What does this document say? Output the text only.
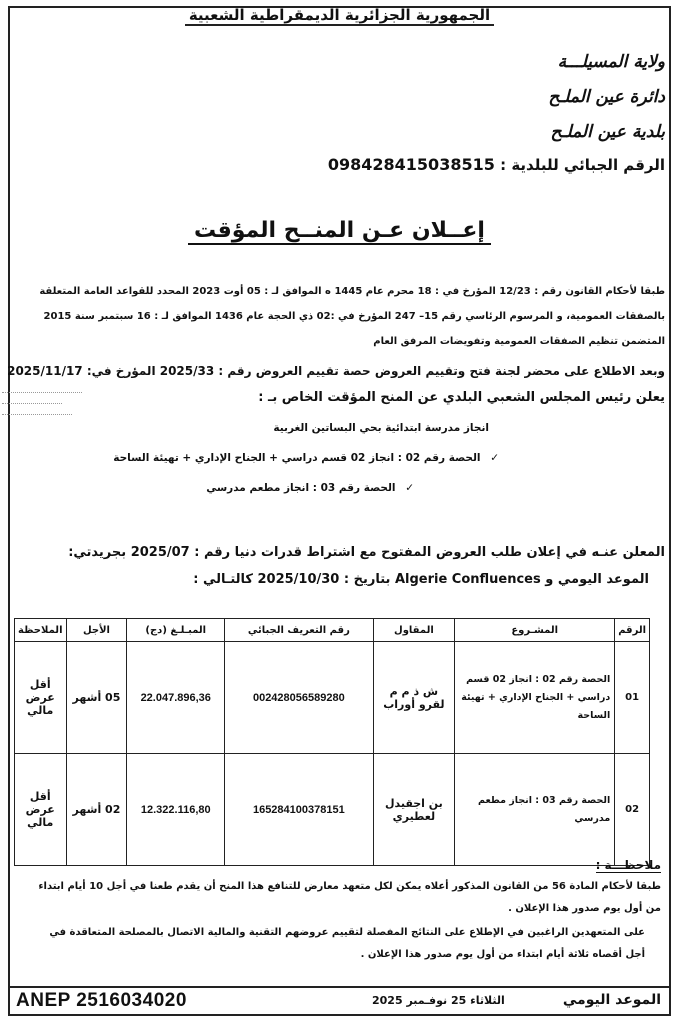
الجمهورية الجزائرية الديمقراطية الشعبية
ولاية المسيلـــة
دائرة عين الملـح
بلدية عين الملـح
الرقم الجبائي للبلدية : 098428415038515
إعــلان عـن المنــح المؤقت
طبقا لأحكام القانون رقم : 12/23 المؤرخ في : 18 محرم عام 1445 ه الموافق لـ : 05 أوت 2023 المحدد للقواعد العامة المتعلقة بالصفقات العمومية، و المرسوم الرئاسي رقم 15– 247 المؤرخ في :02 ذي الحجة عام 1436 الموافق لـ : 16 سبتمبر سنة 2015 المتضمن تنظيم الصفقات العمومية وتفويضات المرفق العام
وبعد الاطلاع على محضر لجنة فتح وتقييم العروض حصة تقييم العروض رقم : 2025/33 المؤرخ في: 2025/11/17
يعلن رئيس المجلس الشعبي البلدي عن المنح المؤقت الخاص بـ :
انجاز مدرسة ابتدائية بحي البساتين الغربية
✓ الحصة رقم 02 : انجاز 02 قسم دراسي + الجناح الإداري + تهيئة الساحة
✓ الحصة رقم 03 : انجاز مطعم مدرسي
المعلن عنـه في إعلان طلب العروض المفتوح مع اشتراط قدرات دنيا رقم : 2025/07 بجريدتي:
الموعد اليومي و Algerie Confluences بتاريخ : 2025/10/30 كالتـالي :
الرقم	المشـروع	المقاول	رقم التعريف الجبائي	المبـلـغ (دج)	الأجل	الملاحظة
01	الحصة رقم 02 : انجاز 02 قسم دراسي + الجناح الإداري + تهيئة الساحة	ش ذ م م لقرو أوراب	002428056589280	22.047.896,36	05 أشهر	أقل عرض مالي
02	الحصة رقم 03 : انجاز مطعم مدرسي	بن اجقيدل لعطيري	165284100378151	12.322.116,80	02 أشهر	أقل عرض مالي
ملاحظـــة :
طبقا لأحكام المادة 56 من القانون المذكور أعلاه يمكن لكل متعهد معارض للتنافع هذا المنح أن يقدم طعنا في أجل 10 أيام ابتداء من أول يوم صدور هذا الإعلان .
على المتعهدين الراغبين في الإطلاع على النتائج المفصلة لتقييم عروضهم التقنية والمالية الاتصال بالمصلحة المتعاقدة في أجل أقصاه ثلاثة أيام ابتداء من أول يوم صدور هذا الإعلان .
ANEP 2516034020	الثلاثاء 25 نوفـمبر 2025	الموعد اليومي
